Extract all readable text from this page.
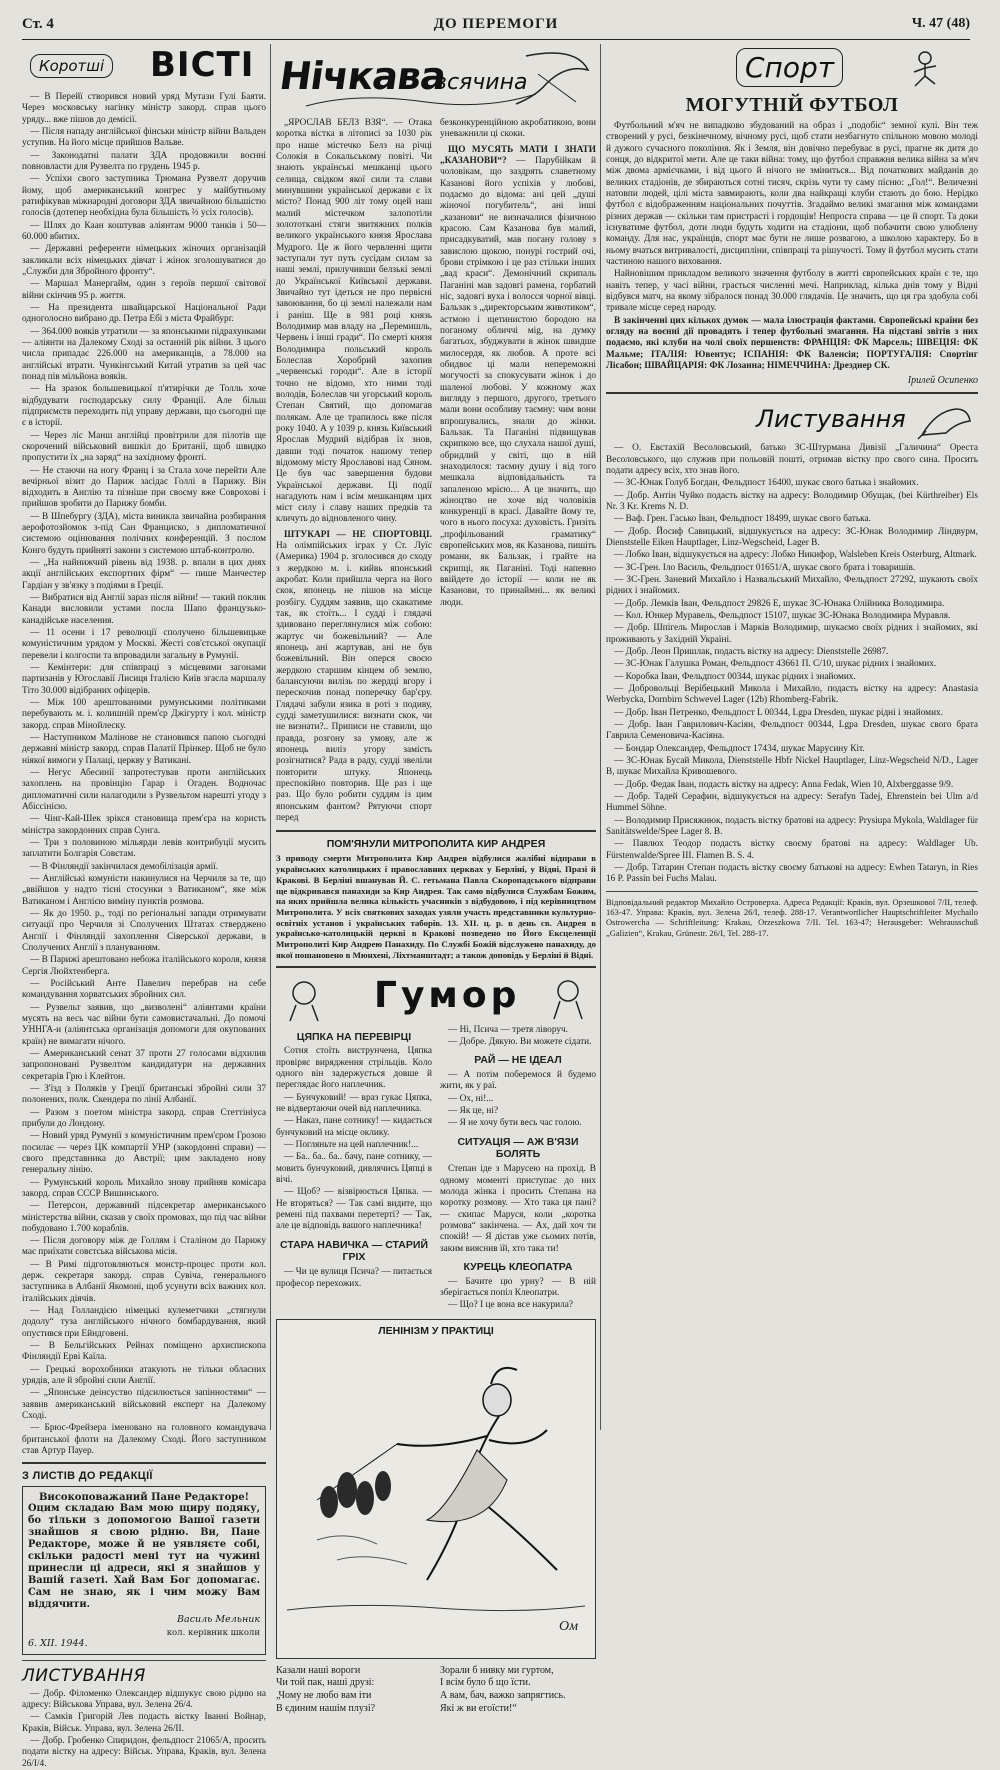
Ст. 4	ДО ПЕРЕМОГИ	Ч. 47 (48)
Коротші ВІСТІ

— В Перейї створився новий уряд Мутази Гулі Баяти. Через московську нагінку міністр закорд. справ цього уряду... вже пішов до демісії.

— Після нападу англійської фінськи міністр війни Вальден уступив. На його місце прийшов Вальве.

— Законодатні палати ЗДА продовжили воєнні повновласти для Рузвелта по грудень 1945 р.

— Успіхи свого заступника Трюмана Рузвелт доручив йому, щоб американський конгрес у майбутньому ратифікував міжнародні договори ЗДА звичайною більшістю голосів (дотепер необхідна була більшість ⅔ усіх голосів).

— Шлях до Каан коштував аліянтам 9000 танків і 50—60.000 вбитих.

— Державні референти німецьких жіночих організацій закликали всіх німецьких дівчат і жінок зголошуватися до „Служби для Збройного фронту“.

— Маршал Манергайм, один з героїв першої світової війни скінчив 95 р. життя.

— На президента швайцарської Національної Ради одноголосно вибрано др. Петра Ебі з міста Фрайбург.

— 364.000 вояків утратили — за японськими підрахунками — аліянти на Далекому Сході за останній рік війни. З цього числа припадає 226.000 на американців, а 78.000 на англійські втрати. Чункінгський Китай утратив за цей час понад пів мільйона вояків.

— На зразок большевицької п'ятирічки де Толль хоче відбудувати господарську силу Франції. Але більш підприємств переходить під управу держави, що сьогодні ще є в історії.

— Через ліс Манш англійці провітрили для пілотів ще скорочений військовий вишкіл до Британії, щоб швидко пропустити їх „на заряд“ на західному фронті.

— Не стаючи на ногу Франц і за Стала хоче перейти Але вечірньої візит до Париж засідає Голлі в Парижу. Він відходить в Англію та пізніше при своєму вже Соврохові і прийшов зробити до Парижу бомби.

— В Шпебургу (ЗДА), міста виникла звичайна розбирання аерофотозйомок з-під Сан Франциско, з дипломатичної системою оцінювання полічних конференцій. З послом Конго будуть прийняті закони з системою штаб-контролю.

— „На найнижчий рівень від 1938. р. впали в цих днях акції англійських експортних фірм“ — пише Манчестер Гардіан у зв'язку з подіями в Греції.

— Вибратися від Англії зараз після війни! — такий поклик Канади висловили устами посла Шапо французько-канадійське населення.

— 11 осени і 17 революції сполучено більшевицьке комуністичним урядом у Москві. Жесті сов'єтської окупації перевели і колгоспи та впровадили загальну в Румунії.

— Кемінтерн: для співпраці з місцевими загонами партизанів у Югославії Лисиця Італією Київ згасла маршалу Тіто 30.000 відібраних офіцерів.

— Між 100 арештованими румунськими політиками перебувають м. і. колишній прем'єр Джігурту і кол. міністр закорд. справ Мінойлеску.

— Наступником Малінове не становився папою сьогодні державні міністр закорд. справ Палатії Прінкер. Щоб не було ніякої вимоги у Палаці, церкву у Ватикані.

— Негус Абесинії запротестував проти англійських захоплень на провінцію Гарар і Огаден. Водночас дипломатичні сили налагодили з Рузвельтом нарешті угоду з Абіссінією.

— Чінг-Кай-Шек зрікся становища прем'єра на користь міністра закордонних справ Сунга.

— Три з половиною мільярди левів контрибуції мусить заплатити Болгарія Совєтам.

— В Фінляндії закінчилася демобілізація армії.

— Англійські комуністи накинулися на Черчиля за те, що „ввійшов у надто тісні стосунки з Ватиканом“, яке між Ватиканом і Англією виміну пунктів розмова.

— Як до 1950. р., тоді по регіональні запади отримувати ситуації про Черчиля зі Сполучених Штатах стверджено Англії і Фінляндії захоплення Сіверської держави, в Сполучених Англії з плануванням.

— В Парижі арештовано небожа італійського короля, князя Сергія Люйхтенберга.

— Російський Анте Павелич перебрав на себе командування хорватських збройних сил.

— Рузвельт заявив, що „визволені“ аліянтами країни мусять на весь час війни бути самовистачальні. До помочі УННГА-и (аліянтська організація допомоги для окупованих країн) не вимагати нічого.

— Американський сенат 37 проти 27 голосами відхилив запропоновані Рузвелтом кандидатури на державних секретарів Грю і Клейтон.

— З'їзд з Поляків у Греції британські збройні сили 37 полонених, полк. Скендера по лінії Албанії.

— Разом з поетом міністра закорд. справ Стеттініуса прибули до Лондону.

— Новий уряд Румунії з комуністичним прем'єром Грозою посилає — через ЦК компартії УНР (закордонні справи) — свого представника до Австрії; цим закладено нову генеральну лінію.

— Румунський король Михайло знову прийняв комісара закорд. справ СССР Вишинського.

— Петерсон, державний підсекретар американського міністерства війни, сказав у своїх промовах, що під час війни побудовано 1.700 кораблів.

— Після договору між де Голлям і Сталіном до Парижу має приїхати совєтська військова місія.

— В Римі підготовляються монстр-процес проти кол. держ. секретаря закорд. справ Сувіча, генерального заступника в Албанії Якомоні, щоб усунути всіх важних кол. італійських діячів.

— Над Голландією німецькі кулеметчики „стягнули додолу“ туза англійського нічного бомбардування, який опустився при Ейндговені.

— В Бельгійських Рейнах поміщено архиєпископа Фінляндії Ерві Каїла.

— Грецькі ворохобники атакують не тільки обласних урядів, але й збройні сили Англії.

— „Японське деінсуство підсилюється запінностями“ — заявив американський військовий експерт на Далекому Сході.

— Брюс-Фрейзера іменовано на головного командувача британської флоти на Далекому Сході. Його заступником став Артур Пауер.

З ЛИСТІВ ДО РЕДАКЦІЇ
Високоповажаний Пане Редакторе!
Оцим складаю Вам мою щиру подяку, бо тільки з допомогою Вашої газети знайшов я свою рідню. Ви, Пане Редакторе, може й не уявляєте собі, скільки радості мені тут на чужині принесли ці адреси, які я знайшов у Вашій газеті. Хай Вам Бог допомагає. Сам не знаю, як і чим можу Вам віддячити.
Василь Мельник
кол. керівник школи
6. XII. 1944.
ЛИСТУВАННЯ

— Добр. Філоменко Олександер відшукує свою рідню на адресу: Військова Управа, вул. Зелена 26/4.

— Самків Григорій Лев подасть вістку Іванні Войнар, Краків, Військ. Управа, вул. Зелена 26/ІІ.

— Добр. Гробенко Спиридон, фельдпост 21065/А, просить подати вістку на адресу: Військ. Управа, Краків, вул. Зелена 26/І/4.

Нічкавa
всячина

„ЯРОСЛАВ БЕЛЗ ВЗЯ“. — Отака коротка вістка в літописі за 1030 рік про наше містечко Белз на річці Солокія в Сокальському повіті. Чи знають українські мешканці цього селища, свідком якої сили та слави минувшини української держави є їх місто? Понад 900 літ тому оцей наш малий містечком залопотіли золототкані стяги звитяжних полків великого українського князя Ярослава Мудрого. Це ж його червленні щити заступали тут путь сусідам силам за наші землі, прилучивши белзькі землі до Української Київської держави. Звичайно тут ідеться не про первісні завоювання, бо ці землі належали нам і раніш. Ще в 981 році князь Володимир мав владу на „Перемишль, Червень і інші гради“. По смерті князя Володимира польський король Болеслав Хоробрий захопив „червенські городи“. Але в історії точно не відомо, хто ними тоді володів, Болеслав чи угорський король Степан Святий, що допомагав полякам. Але це трапилось вже після року 1040. А у 1039 р. князь Київський Ярослав Мудрий відібрав їх знов, давши тоді початок нашому тепер відомому місту Ярославові над Сяном. Це був час завершення будови Української держави. Ці події нагадують нам і всім мешканцям цих міст силу і славу наших предків та кличуть до відновленого чину.

ШТУКАРІ — НЕ СПОРТОВЦІ. На олімпійських іграх у Ст. Луїс (Америка) 1904 р. зголосився до сходу з жердкою м. і. кийвь японський акробат. Коли прийшла черга на його скок, японець не пішов на місце розбігу. Суддям заявив, що скакатиме так, як стоїть... І судді і глядачі здивовано переглянулися між собою: жартує чи божевільний? — Але японець ані жартував, ані не був божевільний. Він оперся своєю жердкою старшим кінцем об землю, балансуючи вилізь по жердці вгору і перескочив понад поперечку бар'єру. Глядачі забули язика в роті з подиву, судді заметушилися: визнати скок, чи не визнати?.. Приписи не ставили, що правда, розгону за умову, але ж японець виліз угору замість розігнатися? Рада в раду, судді звеліли повторити штуку. Японець преспокійно повторив. Ще раз і ще раз. Що було робити суддям із цим японським фантом? Рятуючи спорт перед

безконкуренційною акробатикою, вони уневажнили ці скоки.

ЩО МУСЯТЬ МАТИ І ЗНАТИ „КАЗАНОВИ“? — Парубійкам й чоловікам, що заздрять славетному Казанові його успіхів у любові, подаємо до відома: ані цей „душі жіночої погубитель“, ані інші „казанови“ не визначалися фізичною красою. Сам Казанова був малий, присадкуватий, мав погану голову з завислою щокою, понурі гострий очі, брови стрімкою і це раз стільки інших „вад краси“. Демонічний скрипаль Паганіні мав задовгі рамена, горбатий ніс, задовгі вуха і волосся чорної вівці. Бальзак з „директорським животиком“, астмою і щетинистою бородою на поганому обличчі мig, на думку багатьох, збуджувати в жінок швидше милосердя, як любов. А проте всі обидвоє ці мали непереможні могучості за спокусувати жінок і до шаленої любові. У кожному жах вигляду з першого, другого, третього мали вони особливу таємну: чим вони впрошувались, знали до жінки. Бальзак. Та Паганіні підвищував скрипкою все, що слухала нашої душі, обридлий у світі, що в ній знаходилося: таємну душу і від того мешкала відповідальність та запаленою мрією… А це значить, що жіноцтво не хоче від чоловіків конкуренції в красі. Давайте йому те, чого в нього посуха: духовість. Гризіть „профільований граматику“ європейських мов, як Казанова, пишіть романи, як Бальзак, і грайте на скрипці, як Паганіні. Тоді напевно ввійдете до історії — коли не як Казанови, то принаймні... як великі люди.

ПОМ'ЯНУЛИ МИТРОПОЛИТА КИР АНДРЕЯ
З приводу смерти Митрополита Кир Андрея відбулися жалібні відправи в українських католицьких і православних церквах у Берліні, у Відні, Празі й Кракові. В Берліні вшанував Й. С. гетьмана Павла Скоропадського відправи ще відкривався панахиди за Кир Андрея. Так само відбулися Службам Божим, на яких прийшла велика кількість учасників з відбудовою, і під керівництвом Митрополита. У всіх святкових заходах узяли участь представники культурно-освітніх установ і українських таборів. 13. XII. ц. р. в день св. Андрея в українсько-католицькій церкві в Кракові позведено по Його Ексцеленції Митрополиті Кир Андрею Панахиду. По Службі Божій відслужено панахиду, до якої пошановено в Мюнхені, Ліхтманштадт; а також доповідь у Берліні й Відні.
Гумор
ЦЯПКА НА ПЕРЕВІРЦІ

Сотня стоїть виструнчена, Цяпка провіряє вирядження стрільців. Коло одного він задержується довше й переглядає його наплечник.

— Бунчуковий! — враз гукає Цяпка, не відвертаючи очей від наплечника.

— Наказ, пане сотнику! — кидається бунчуковий на місце оклику.

— Погляньте на цей наплечник!...

— Ба.. ба.. ба.. бачу, пане сотнику, — мовить бунчуковий, дивлячись Цяпці в вічі.

— Щоб? — візвірюється Цяпка. — Не вторяться? — Так самі видите, що ремені під пахвами перетерті? — Так, але це відповідь вашого наплечника!

СТАРА НАВИЧКА — СТАРИЙ ГРІХ

— Чи це вулиця Псича? — питається професор перехожих.

— Ні, Псича — третя ліворуч.

— Добре. Дякую. Ви можете сідати.

РАЙ — НЕ ІДЕАЛ

— А потім поберемося й будемо жити, як у раї.

— Ох, ні!...

— Як це, ні?

— Я не хочу бути весь час голою.

СИТУАЦІЯ — АЖ В'ЯЗИ БОЛЯТЬ

Степан іде з Марусею на прохід. В одному моменті приступає до них молода жінка і просить Степана на коротку розмову. — Хто така ця пані? — скипає Маруся, коли „коротка розмова“ закінчена. — Ах, дай хоч ти спокій! — Я дістав уже сьомих потів, заким вияснив їй, хто така ти!

КУРЕЦЬ КЛЕОПАТРА

— Бачите цю урну? — В ній зберігається попіл Клеопатри.

— Що? І це вона все накурила?

ЛЕНІНІЗМ У ПРАКТИЦІ
Ом
Казали наші вороги
Чи той пак, наші друзі:
„Чому не любо вам іти
В єдиним нашім плузі?
Зорали б нивку ми гуртом,
І всім було б що їсти.
А вам, бач, важко запрягтись.
Які ж ви егоїсти!“
Спорт
МОГУТНІЙ ФУТБОЛ

Футбольний м'яч не випадково збудований на образ і „подобіє“ земної кулі. Він теж створений у русі, безкінечному, вічному русі, щоб стати незбагнуто спільною мовою молоді й дужого сучасного покоління. Як і Земля, він довічно перебуває в русі, прагне як дитя до сонця, до відкритої мети. Але це таки війна: тому, що футбол справжня велика війна за м'яч між двома армієчками, і від цього й нічого не зміниться... Від початкових майданів до великих стадіонів, де збираються сотні тисяч, скрізь чути ту саму пісню: „Гол!“. Величезні натовпи людей, цілі міста завмирають, коли два найкращі клуби стають до бою. Нерідко футбол є відображенням національних почуттів. Згадаймо великі змагання між командами різних держав — скільки там пристрасті і гордощів! Непроста справа — це й спорт. Та доки існуватиме футбол, доти люди будуть ходити на стадіони, щоб побачити свою улюблену команду. Для нас, українців, спорт має бути не лише розвагою, а школою характеру. Бо в ньому вчаться витривалості, дисципліни, співпраці та рішучості. Тому й футбол мусить стати частиною нашого виховання.

Найновішим прикладом великого значення футболу в житті європейських країн є те, що навіть тепер, у часі війни, грається численні мечі. Наприклад, кілька днів тому у Відні відбувся матч, на якому зібралося понад 30.000 глядачів. Це значить, що ця гра здобула собі тривале місце серед народу.

В закінченні цих кількох думок — мала ілюстрація фактами. Європейські країни без огляду на воєнні дії провадять і тепер футбольні змагання. На підставі звітів з них подаємо, які клуби на чолі своїх першенств: ФРАНЦІЯ: ФК Марсель; ШВЕЦІЯ: ФК Мальме; ІТАЛІЯ: Ювентус; ІСПАНІЯ: ФК Валенсія; ПОРТУГАЛІЯ: Спортінг Лісабон; ШВАЙЦАРІЯ: ФК Лозанна; НІМЕЧЧИНА: Дрезднер СК.

Ірилей Осипенко
Листування

— О. Евстахій Весоловський, батько ЗС-Штурмана Дивізії „Галичина“ Ореста Весоловського, що служив при польовій пошті, отримав вістку про свого сина. Просить подати адресу всіх, хто знав його.

— ЗС-Юнак Голуб Богдан, Фельдпост 16400, шукає свого батька і знайомих.

— Добр. Антін Чуйко подасть вістку на адресу: Володимир Обущак, (bei Kürthreiber) Els Nr. 3 Kr. Krems N. D.

— Ваф. Грен. Гасько Іван, Фельдпост 18499, шукає свого батька.

— Добр. Йосиф Савицький, відшукується на адресу: ЗС-Юнак Володимир Ліндвурм, Dienststelle Eiken Hauptlager, Linz-Wegscheid, Lager B.

— Лобко Іван, відшукується на адресу: Лобко Никифор, Walsleben Kreis Osterburg, Altmark.

— ЗС-Грен. Іло Василь, Фельдпост 01651/А, шукає свого брата і товаришів.

— ЗС-Грен. Заневий Михайло і Назвальський Михайло, Фельдпост 27292, шукають своїх рідних і знайомих.

— Добр. Лемків Іван, Фельдпост 29826 Е, шукає ЗС-Юнака Олійника Володимира.

— Кол. Юнкер Муравель, Фельдпост 15107, шукає ЗС-Юнака Володимира Муравля.

— Добр. Шпігель Мирослав і Марків Володимир, шукаємо своїх рідних і знайомих, які проживають у Західній Україні.

— Добр. Леон Пришлак, подасть вістку на адресу: Dienststelle 26987.

— ЗС-Юнак Галушка Роман, Фельдпост 43661 П. С/10, шукає рідних і знайомих.

— Коробка Іван, Фельдпост 00344, шукає рідних і знайомих.

— Добровольці Верібецький Микола і Михайло, подасть вістку на адресу: Anastasia Werbycka, Dornbirn Schwevel Lager (12b) Rhomberg-Fabrik.

— Добр. Іван Петренко, Фельдпост L 00344, Lgpa Dresden, шукає рідні і знайомих.

— Добр. Іван Гаврилович-Касіян, Фельдпост 00344, Lgpa Dresden, шукає свого брата Гаврила Семеновича-Касіяна.

— Бондар Олександер, Фельдпост 17434, шукає Марусину Кіт.

— ЗС-Юнак Бусай Микола, Dienststelle Hbfr Nickel Hauptlager, Linz-Wegscheid N/D., Lager B, шукає Михайла Кривошевого.

— Добр. Федак Іван, подасть вістку на адресу: Anna Fedak, Wien 10, Alxberggasse 9/9.

— Добр. Тадей Серафин, відшукується на адресу: Serafyn Tadej, Ehrenstein bei Ulm a/d Hummel Söhne.

— Володимир Присяжнюк, подасть вістку братові на адресу: Prysiupa Mykola, Waldlager für Sanitätswelde/Spee Lager 8. B.

— Павлюх Теодор подасть вістку своєму братові на адресу: Waldlager Ub. Fürstenwalde/Spree III. Flamen B. S. 4.

— Добр. Татарин Степан подасть вістку своєму батькові на адресу: Ewhen Tataryn, in Ries 16 P. Passin bei Fuchs Malau.

Відповідальний редактор Михайло Островерха. Адреса Редакції: Краків, вул. Орзешкової 7/ІІ, телеф. 163-47. Управа: Краків, вул. Зелена 26/І, телеф. 288-17. Verantwortlicher Hauptschriftleiter Mychailo Ostrowercha — Schriftleitung: Krakau, Orzeszkowa 7/II. Tel. 163-47; Herausgeber: Wehrausschuß „Galizien“, Krakau, Grünestr. 26/І, Tel. 288-17.
